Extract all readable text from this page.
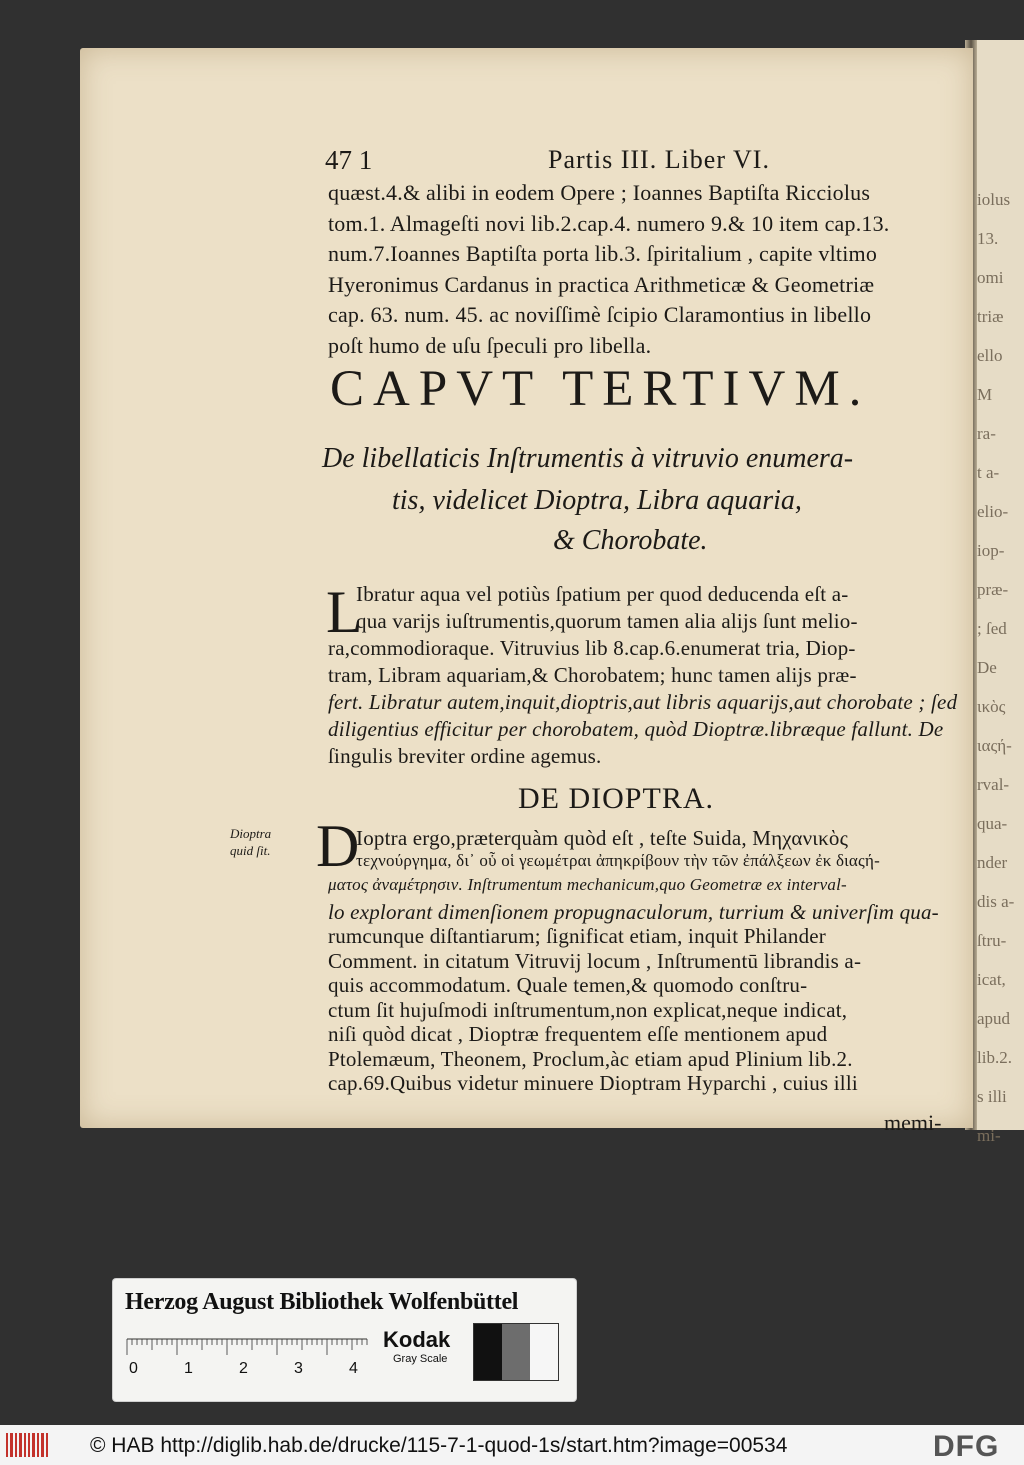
iolus
13.
omi
triæ
ello
M
ra-
t a-
elio-
iop-
præ-
; ſed
De
ικὸς
ιαςή-
rval-
qua-
nder
dis a-
ſtru-
icat,
apud
lib.2.
s illi
mi-
47 1	Partis III. Liber VI.
quæst.4.& alibi in eodem Opere ; Ioannes Baptiſta Ricciolus
tom.1. Almageſti novi lib.2.cap.4. numero 9.& 10 item cap.13.
num.7.Ioannes Baptiſta porta lib.3. ſpiritalium , capite vltimo
Hyeronimus Cardanus in practica Arithmeticæ & Geometriæ
cap. 63. num. 45. ac noviſſimè ſcipio Claramontius in libello
poſt humo de uſu ſpeculi pro libella.
CAPVT TERTIVM.
De libellaticis Inſtrumentis à vitruvio enumera-
tis, videlicet Dioptra, Libra aquaria,
& Chorobate.
L
Ibratur aqua vel potiùs ſpatium per quod deducenda eſt a-
qua varijs iuſtrumentis,quorum tamen alia alijs ſunt melio-
ra,commodioraque. Vitruvius lib 8.cap.6.enumerat tria, Diop-
tram, Libram aquariam,& Chorobatem; hunc tamen alijs præ-
fert. Libratur autem,inquit,dioptris,aut libris aquarijs,aut chorobate ; ſed
diligentius efficitur per chorobatem, quòd Dioptræ.libræque fallunt. De
ſingulis breviter ordine agemus.
DE DIOPTRA.
Dioptra
quid ſit. D
Ioptra ergo,præterquàm quòd eſt , teſte Suida, Μηχανικὸς
τεχνούργημα, δι᾽ οὗ οἱ γεωμέτραι ἀπηκρίβουν τὴν τῶν ἐπάλξεων ἐκ διαςή-
ματος ἀναμέτρησιν. Inſtrumentum mechanicum,quo Geometræ ex interval-
lo explorant dimenſionem propugnaculorum, turrium & univerſim qua-
rumcunque diſtantiarum; ſignificat etiam, inquit Philander
Comment. in citatum Vitruvij locum , Inſtrumentū librandis a-
quis accommodatum. Quale temen,& quomodo conſtru-
ctum ſit hujuſmodi inſtrumentum,non explicat,neque indicat,
niſi quòd dicat , Dioptræ frequentem eſſe mentionem apud
Ptolemæum, Theonem, Proclum,àc etiam apud Plinium lib.2.
cap.69.Quibus videtur minuere Dioptram Hyparchi , cuius illi
memi-
Herzog August Bibliothek Wolfenbüttel
0	1	2	3	4
Kodak
Gray Scale
© HAB http://diglib.hab.de/drucke/115-7-1-quod-1s/start.htm?image=00534	DFG
